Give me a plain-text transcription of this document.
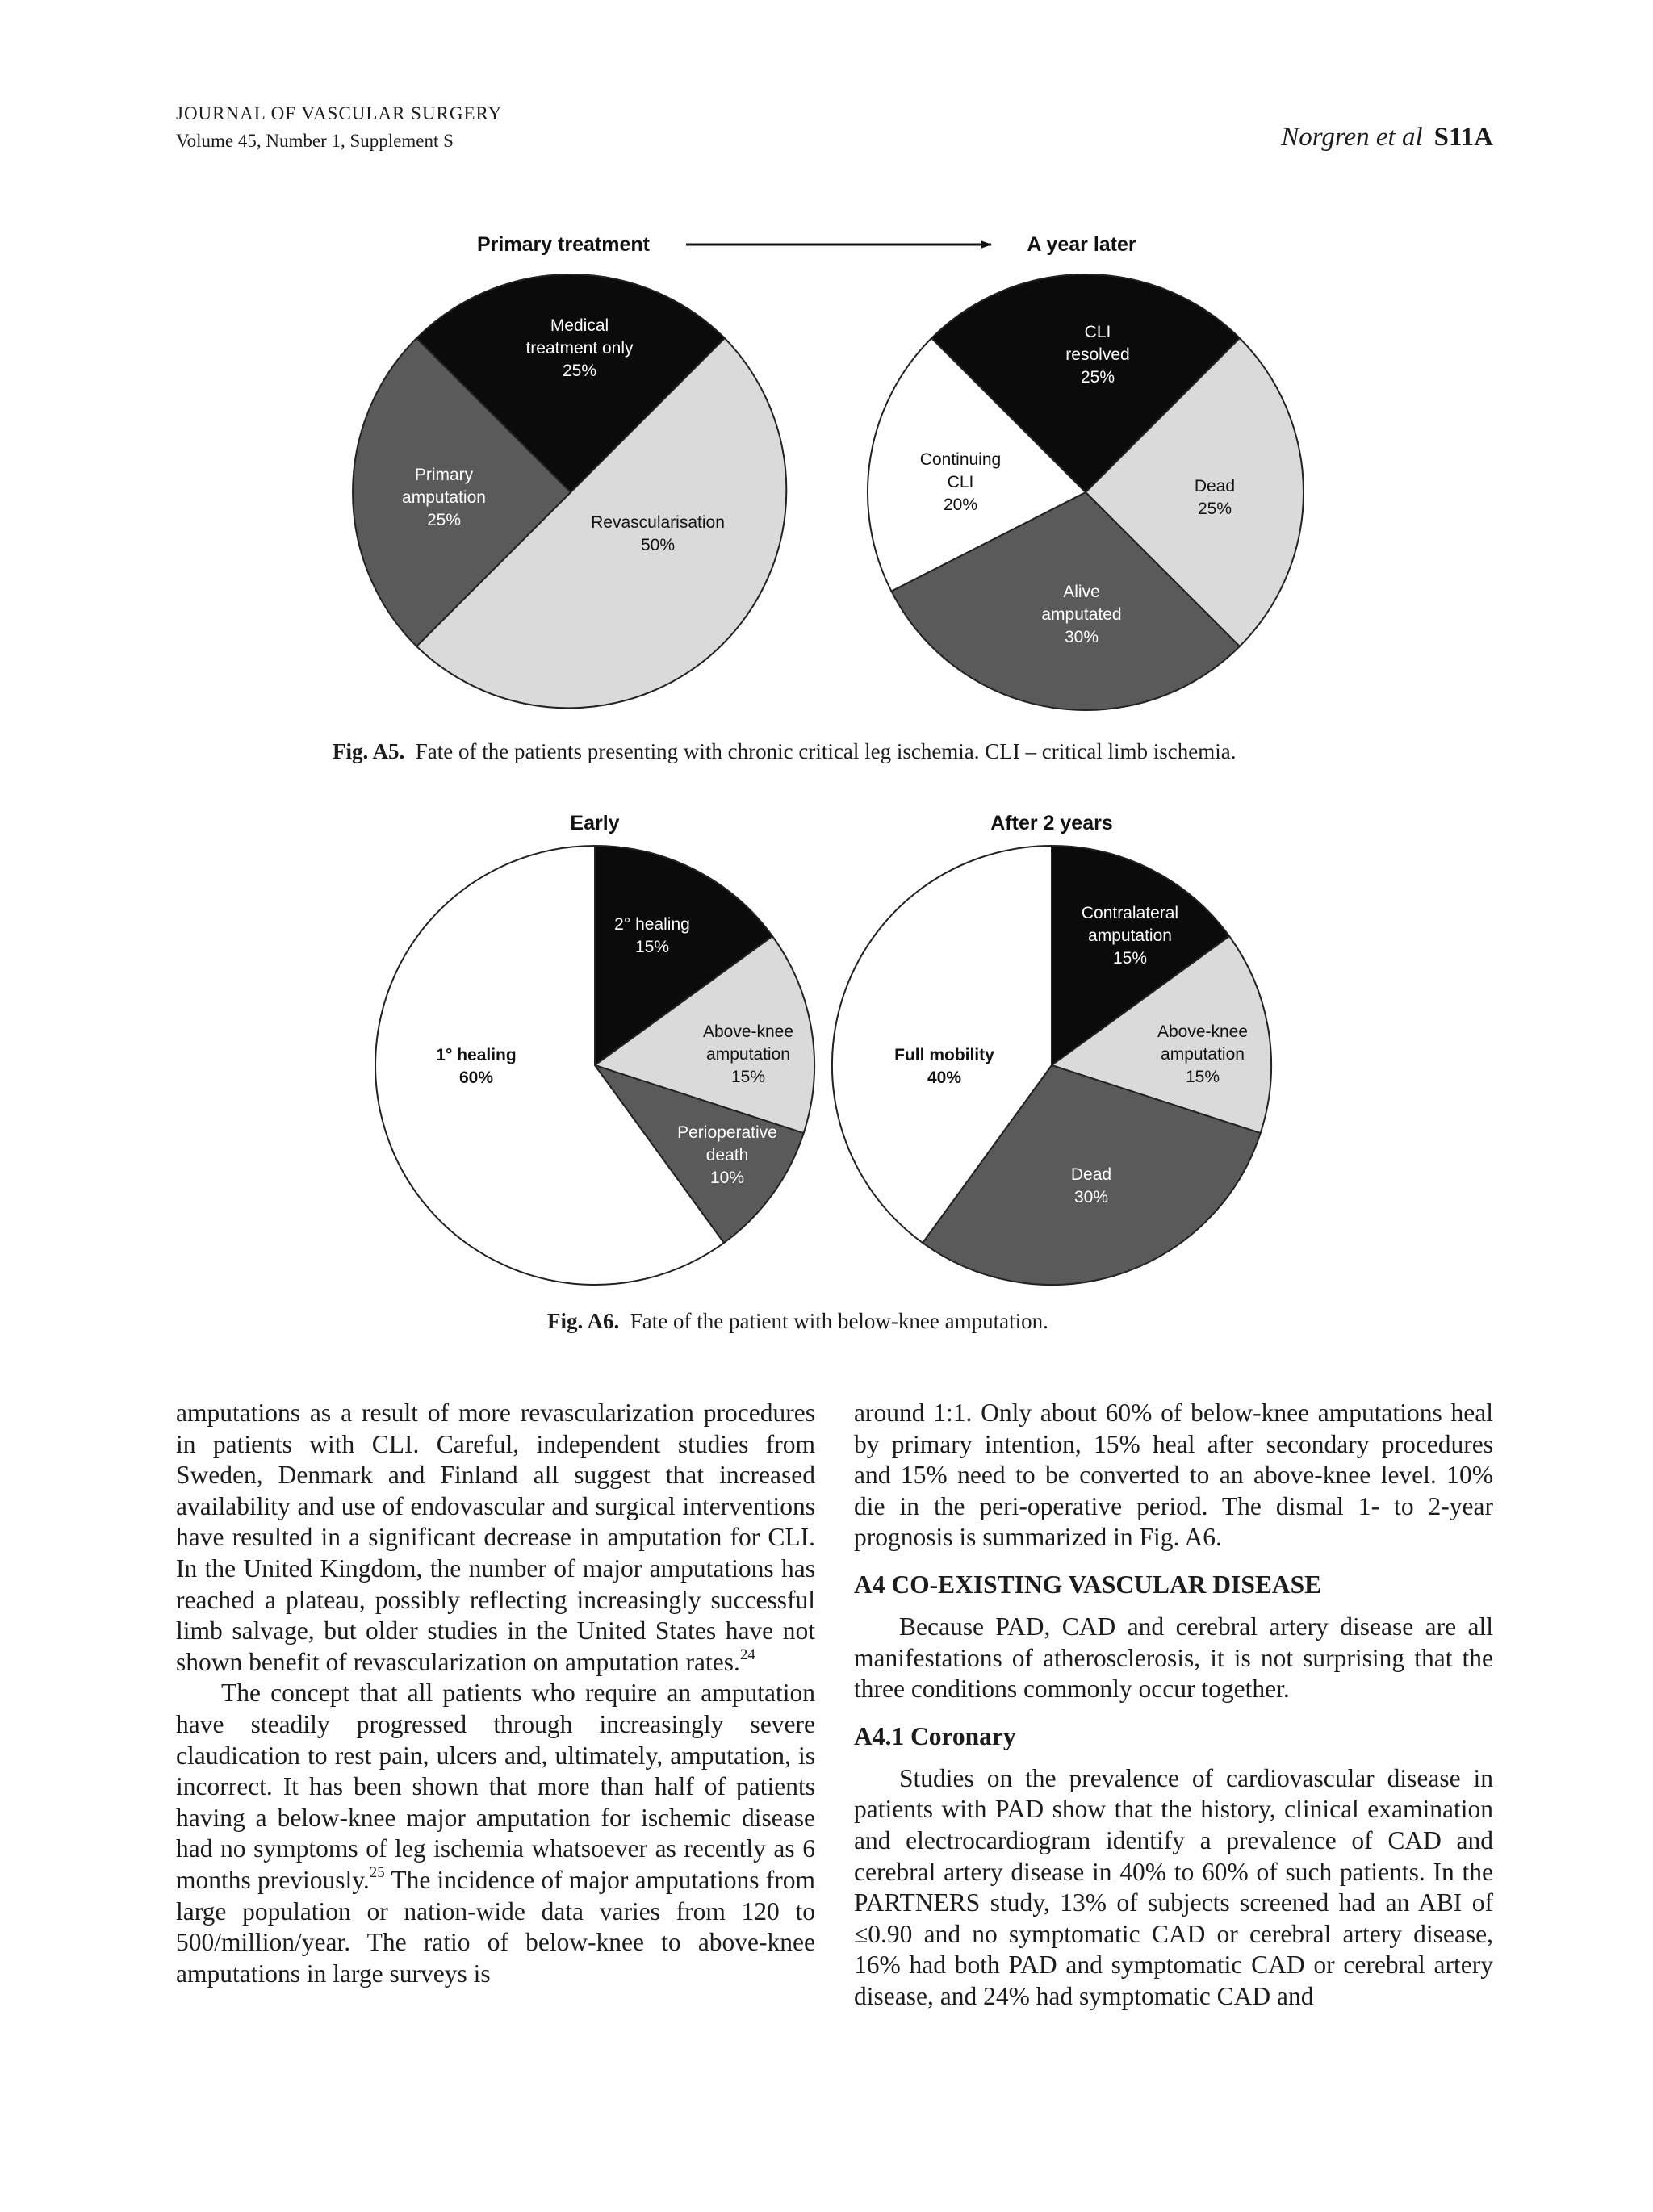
JOURNAL OF VASCULAR SURGERY
Volume 45, Number 1, Supplement S	Norgren et al S11A
Primary treatment	A year later
Early	After 2 years
Medical treatment only 25%
Revascularisation 50%
Primary amputation 25%
CLI resolved 25%
Dead 25%
Alive amputated 30%
Continuing CLI 20%
2° healing 15%
Above-knee amputation 15%
Perioperative death 10%
1° healing 60%
Contralateral amputation 15%
Above-knee amputation 15%
Dead 30%
Full mobility 40%
Fig. A5. Fate of the patients presenting with chronic critical leg ischemia. CLI – critical limb ischemia.
Fig. A6. Fate of the patient with below-knee amputation.

amputations as a result of more revascularization procedures in patients with CLI. Careful, independent studies from Sweden, Denmark and Finland all suggest that increased availability and use of endovascular and surgical interventions have resulted in a significant decrease in amputation for CLI. In the United Kingdom, the number of major amputations has reached a plateau, possibly reflecting increasingly successful limb salvage, but older studies in the United States have not shown benefit of revascularization on amputation rates.$^{24}$

The concept that all patients who require an amputation have steadily progressed through increasingly severe claudication to rest pain, ulcers and, ultimately, amputation, is incorrect. It has been shown that more than half of patients having a below-knee major amputation for ischemic disease had no symptoms of leg ischemia whatsoever as recently as 6 months previously.$^{25}$ The incidence of major amputations from large population or nation-wide data varies from 120 to 500/million/year. The ratio of below-knee to above-knee amputations in large surveys is

around 1:1. Only about 60% of below-knee amputations heal by primary intention, 15% heal after secondary procedures and 15% need to be converted to an above-knee level. 10% die in the peri-operative period. The dismal 1- to 2-year prognosis is summarized in Fig. A6.

A4 CO-EXISTING VASCULAR DISEASE

Because PAD, CAD and cerebral artery disease are all manifestations of atherosclerosis, it is not surprising that the three conditions commonly occur together.

A4.1 Coronary

Studies on the prevalence of cardiovascular disease in patients with PAD show that the history, clinical examination and electrocardiogram identify a prevalence of CAD and cerebral artery disease in 40% to 60% of such patients. In the PARTNERS study, 13% of subjects screened had an ABI of ≤0.90 and no symptomatic CAD or cerebral artery disease, 16% had both PAD and symptomatic CAD or cerebral artery disease, and 24% had symptomatic CAD and
